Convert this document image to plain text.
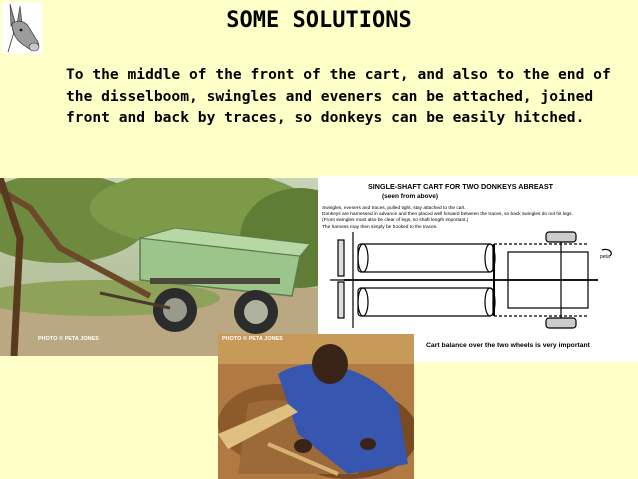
SOME SOLUTIONS
To the middle of the front of the cart, and also to the end of the disselboom, swingles and eveners can be attached, joined front and back by traces, so donkeys can be easily hitched.
PHOTO © PETA JONES
SINGLE-SHAFT CART FOR TWO DONKEYS ABREAST
(seen from above)
Swingles, eveners and traces, pulled tight, stay attached to the cart.
Donkeys are harnessed in advance and then placed well forward between the traces, so back swingles do not hit legs.
(Front swingles must also be clear of legs, so shaft length important.)
The harness may then simply be hooked to the traces.
peta
Cart balance over the two wheels is very important
PHOTO © PETA JONES
